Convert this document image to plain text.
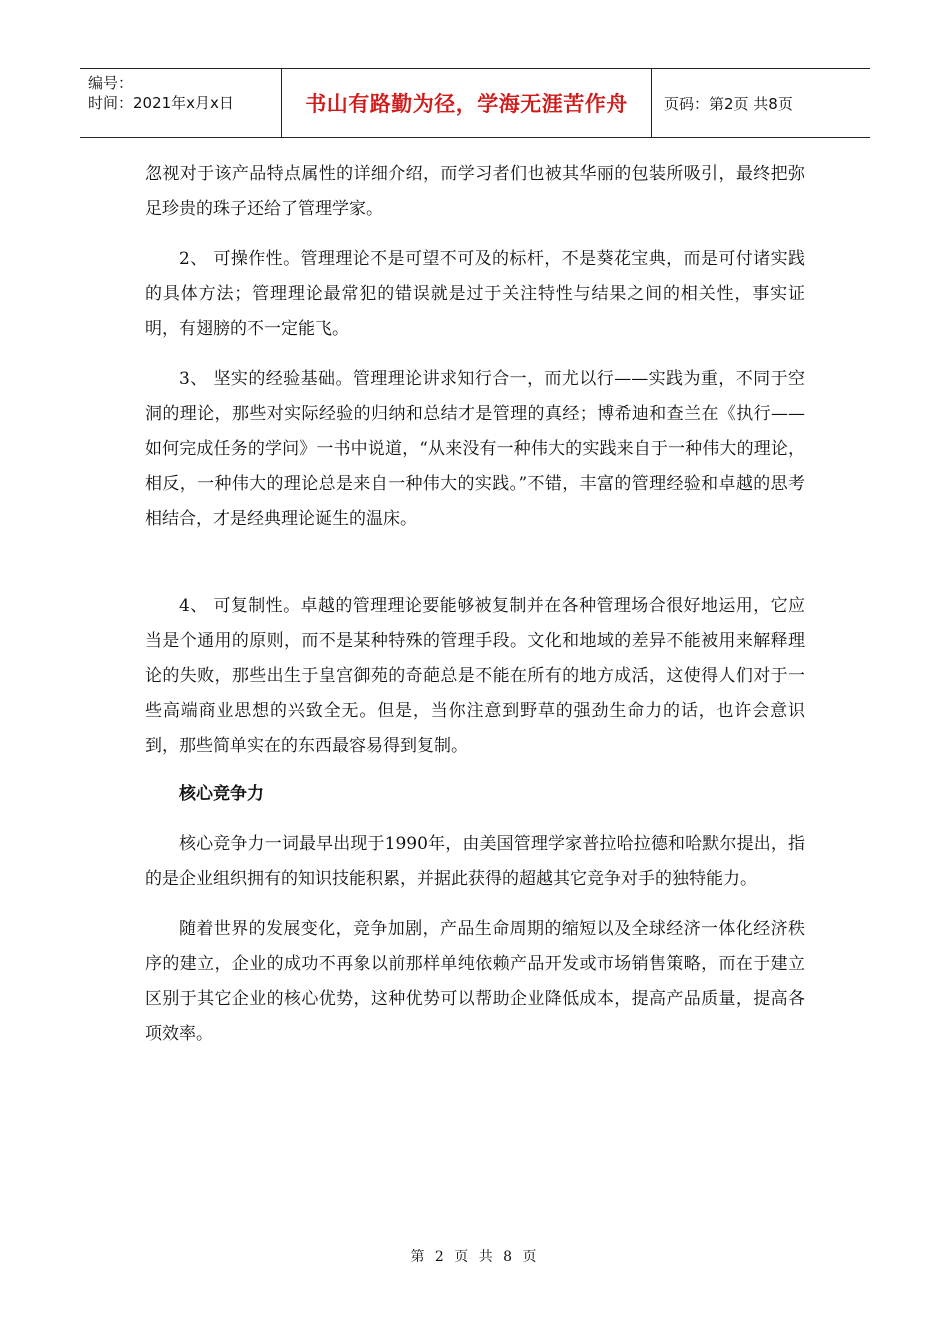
编号：
时间：2021年x月x日	书山有路勤为径，学海无涯苦作舟 页码：第2页 共8页

忽视对于该产品特点属性的详细介绍，而学习者们也被其华丽的包装所吸引，最终把弥足珍贵的珠子还给了管理学家。

2、 可操作性。管理理论不是可望不可及的标杆，不是葵花宝典，而是可付诸实践的具体方法；管理理论最常犯的错误就是过于关注特性与结果之间的相关性，事实证明，有翅膀的不一定能飞。

3、 坚实的经验基础。管理理论讲求知行合一，而尤以行——实践为重，不同于空洞的理论，那些对实际经验的归纳和总结才是管理的真经；博希迪和查兰在《执行——如何完成任务的学问》一书中说道，“从来没有一种伟大的实践来自于一种伟大的理论，相反，一种伟大的理论总是来自一种伟大的实践。”不错，丰富的管理经验和卓越的思考相结合，才是经典理论诞生的温床。

4、 可复制性。卓越的管理理论要能够被复制并在各种管理场合很好地运用，它应当是个通用的原则，而不是某种特殊的管理手段。文化和地域的差异不能被用来解释理论的失败，那些出生于皇宫御苑的奇葩总是不能在所有的地方成活，这使得人们对于一些高端商业思想的兴致全无。但是，当你注意到野草的强劲生命力的话，也许会意识到，那些简单实在的东西最容易得到复制。

核心竞争力

核心竞争力一词最早出现于1990年，由美国管理学家普拉哈拉德和哈默尔提出，指的是企业组织拥有的知识技能积累，并据此获得的超越其它竞争对手的独特能力。

随着世界的发展变化，竞争加剧，产品生命周期的缩短以及全球经济一体化经济秩序的建立，企业的成功不再象以前那样单纯依赖产品开发或市场销售策略，而在于建立区别于其它企业的核心优势，这种优势可以帮助企业降低成本，提高产品质量，提高各项效率。

第 2 页 共 8 页
